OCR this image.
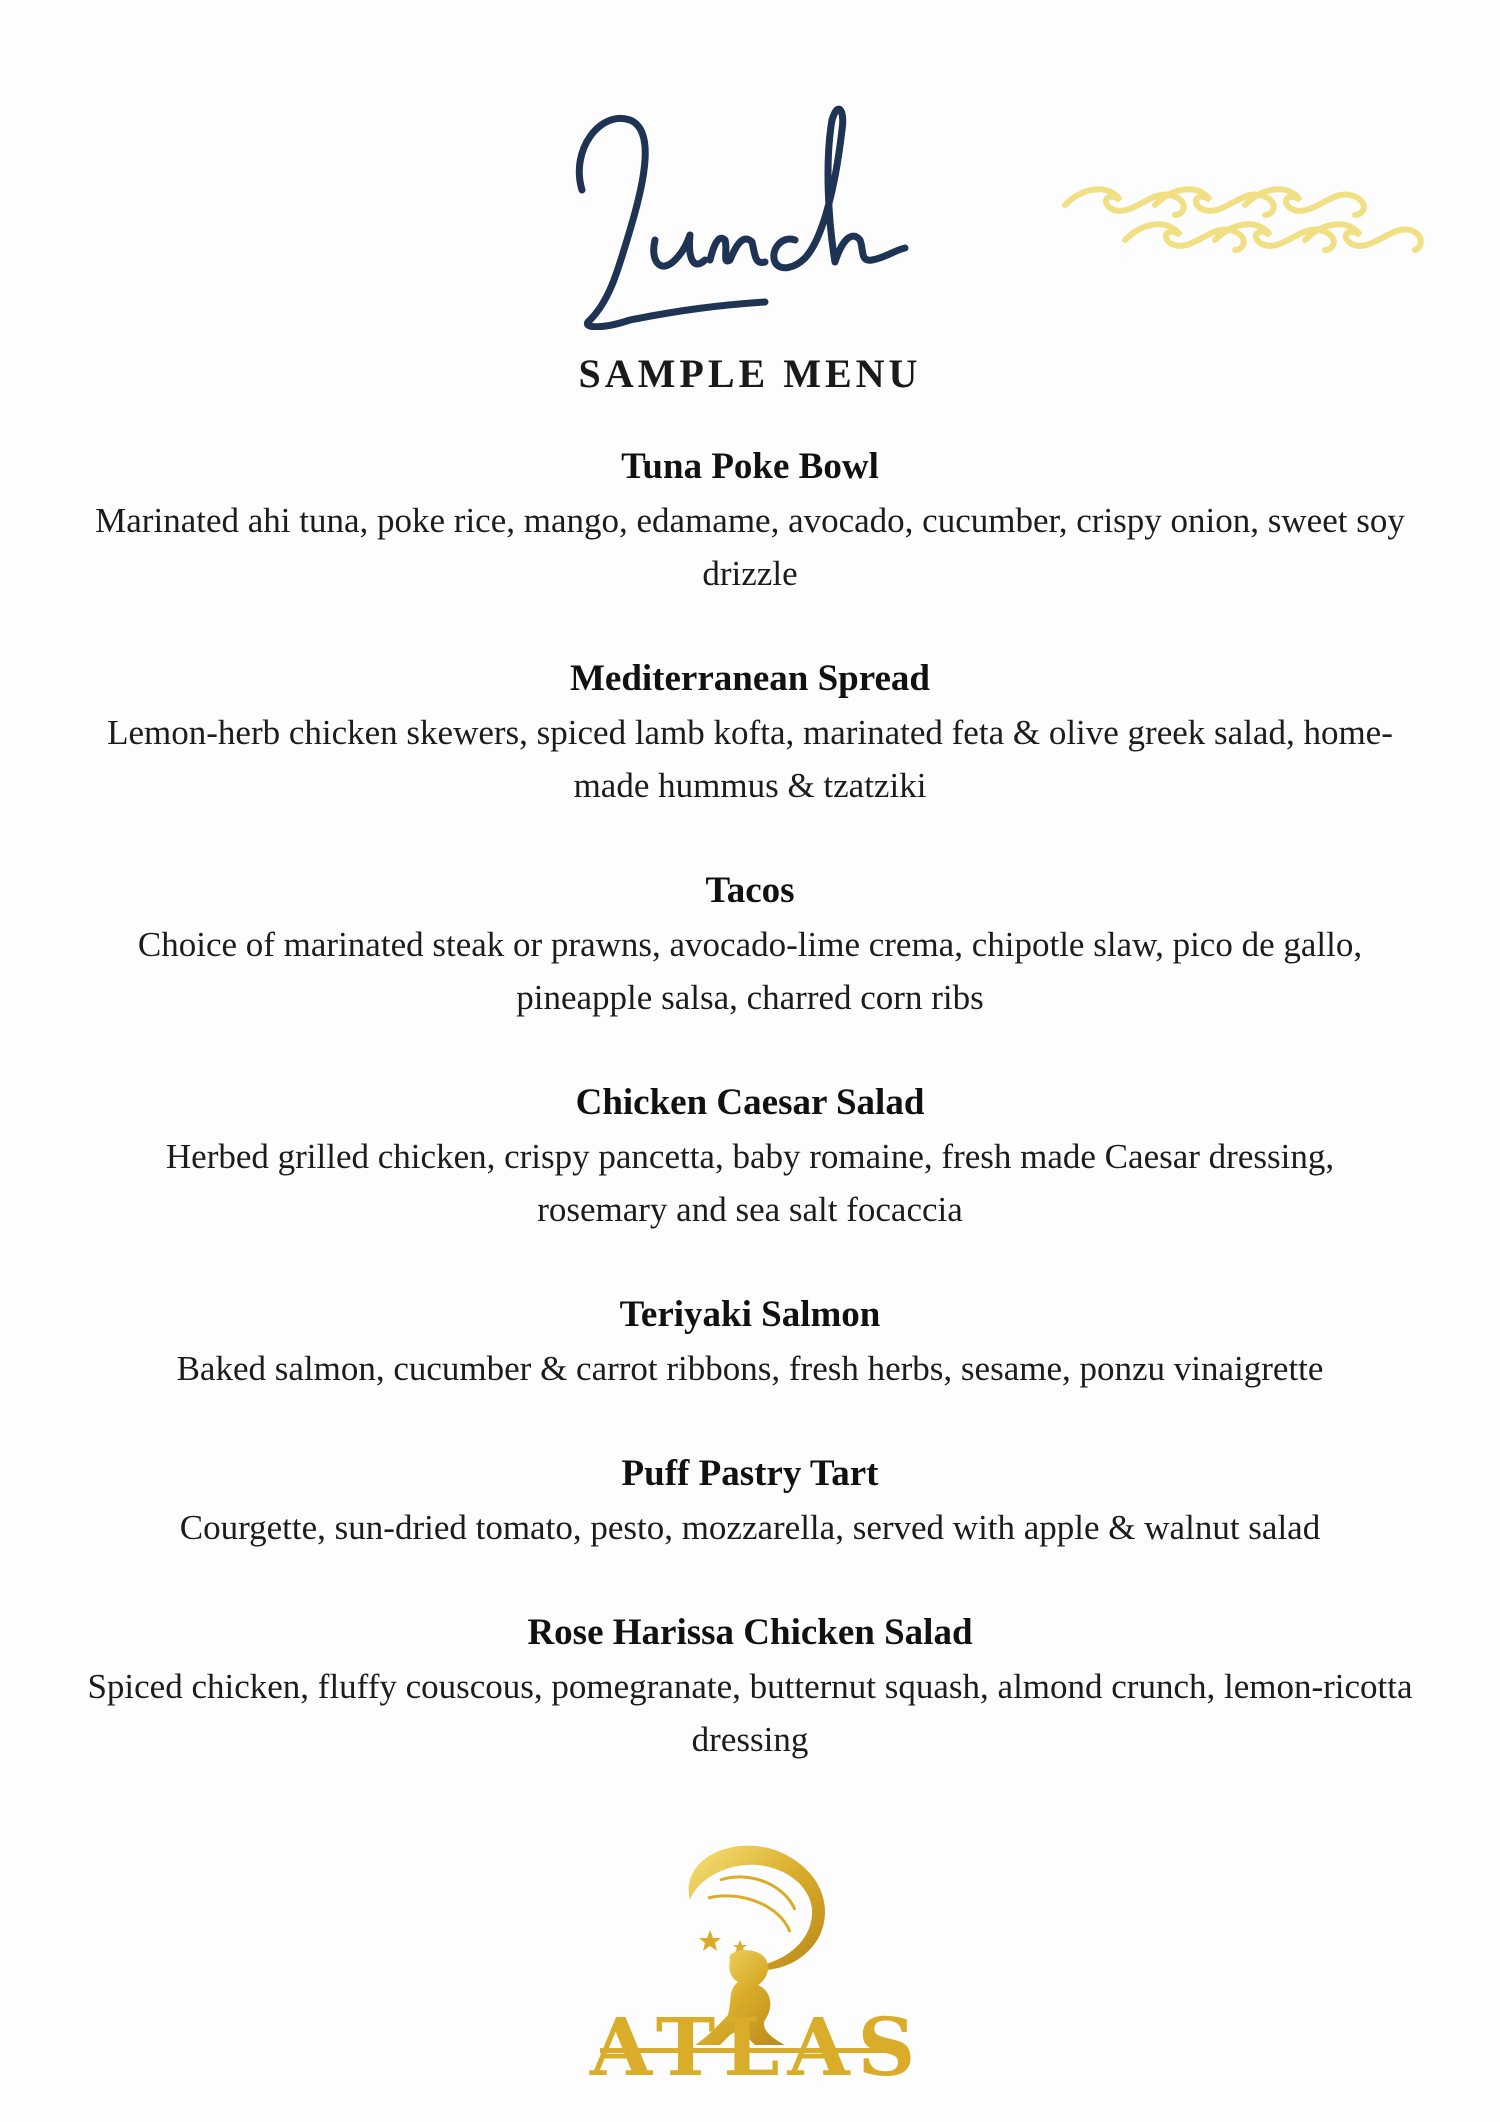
SAMPLE MENU
Tuna Poke Bowl
Marinated ahi tuna, poke rice, mango, edamame, avocado, cucumber, crispy onion, sweet soy drizzle
Mediterranean Spread
Lemon-herb chicken skewers, spiced lamb kofta, marinated feta & olive greek salad, home-made hummus & tzatziki
Tacos
Choice of marinated steak or prawns, avocado-lime crema, chipotle slaw, pico de gallo, pineapple salsa, charred corn ribs
Chicken Caesar Salad
Herbed grilled chicken, crispy pancetta, baby romaine, fresh made Caesar dressing, rosemary and sea salt focaccia
Teriyaki Salmon
Baked salmon, cucumber & carrot ribbons, fresh herbs, sesame, ponzu vinaigrette
Puff Pastry Tart
Courgette, sun-dried tomato, pesto, mozzarella, served with apple & walnut salad
Rose Harissa Chicken Salad
Spiced chicken, fluffy couscous, pomegranate, butternut squash, almond crunch, lemon-ricotta dressing
ATLAS
